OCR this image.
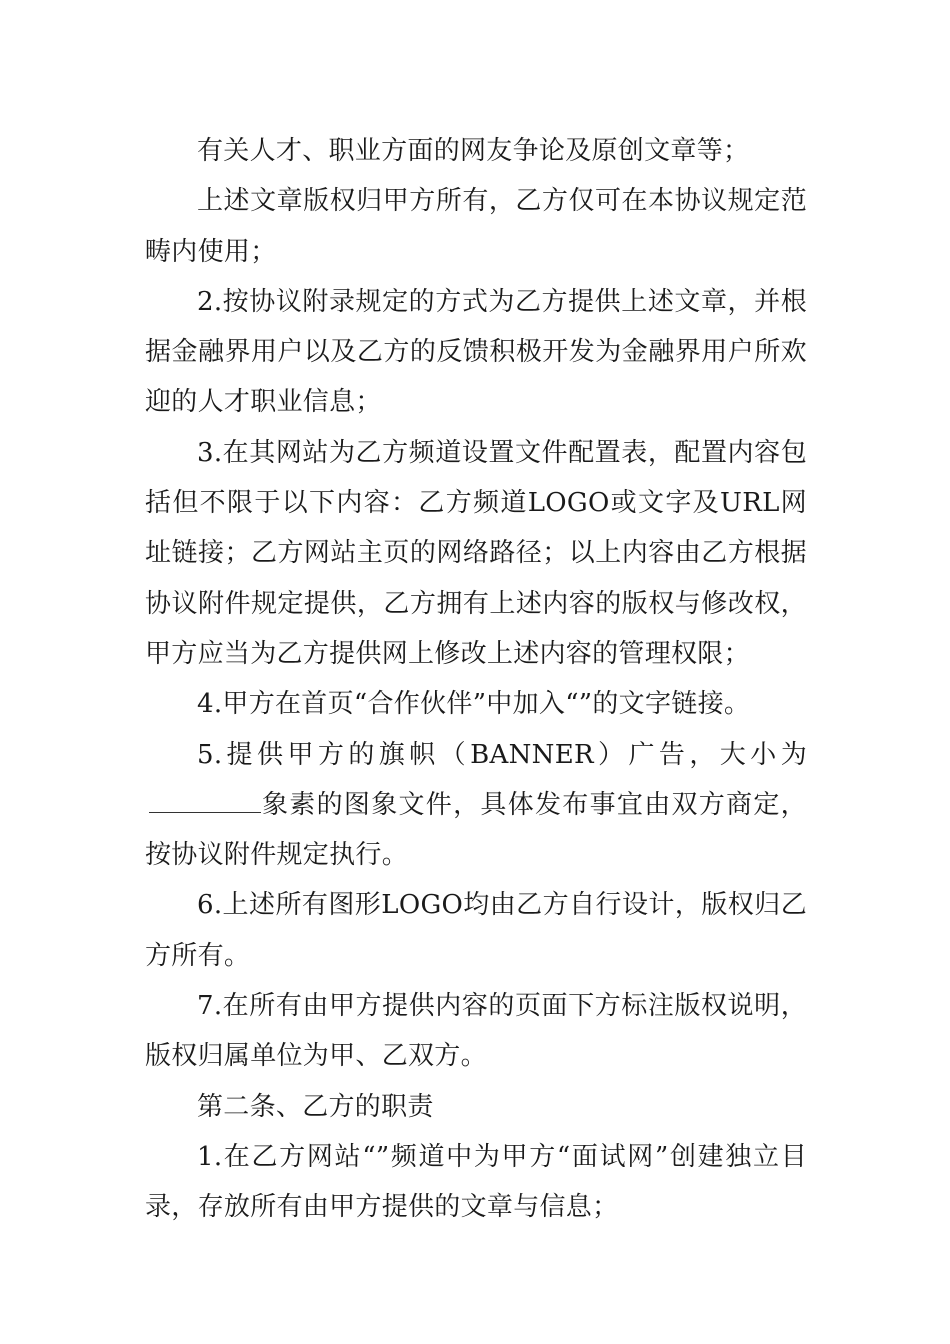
有关人才、职业方面的网友争论及原创文章等；

上述文章版权归甲方所有，乙方仅可在本协议规定范畴内使用；

2.按协议附录规定的方式为乙方提供上述文章，并根据金融界用户以及乙方的反馈积极开发为金融界用户所欢迎的人才职业信息；

3.在其网站为乙方频道设置文件配置表，配置内容包括但不限于以下内容：乙方频道LOGO或文字及URL网址链接；乙方网站主页的网络路径；以上内容由乙方根据协议附件规定提供，乙方拥有上述内容的版权与修改权，甲方应当为乙方提供网上修改上述内容的管理权限；

4.甲方在首页“合作伙伴”中加入“”的文字链接。

5.提供甲方的旗帜（BANNER）广告，大小为象素的图象文件，具体发布事宜由双方商定，按协议附件规定执行。

6.上述所有图形LOGO均由乙方自行设计，版权归乙方所有。

7.在所有由甲方提供内容的页面下方标注版权说明，版权归属单位为甲、乙双方。

第二条、乙方的职责

1.在乙方网站“”频道中为甲方“面试网”创建独立目录，存放所有由甲方提供的文章与信息；
